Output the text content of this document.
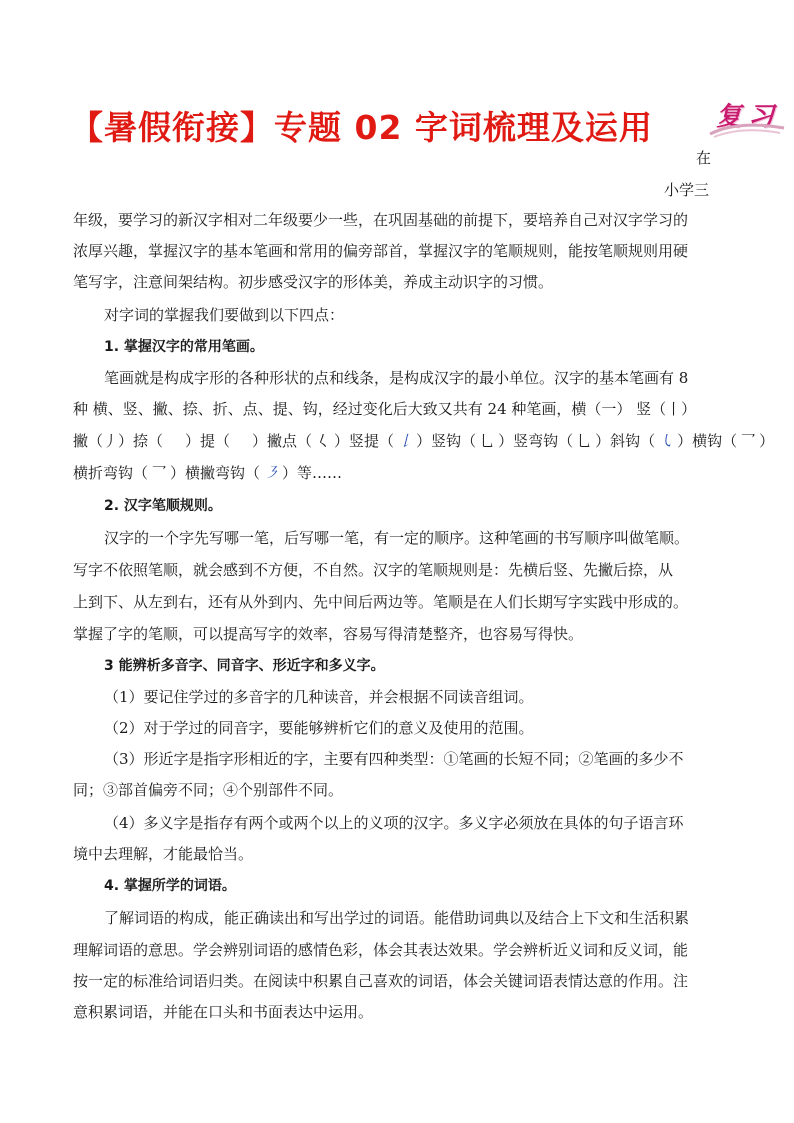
【暑假衔接】专题 02 字词梳理及运用 复 习
在
小学三
年级，要学习的新汉字相对二年级要少一些，在巩固基础的前提下，要培养自己对汉字学习的
浓厚兴趣，掌握汉字的基本笔画和常用的偏旁部首，掌握汉字的笔顺规则，能按笔顺规则用硬
笔写字，注意间架结构。初步感受汉字的形体美，养成主动识字的习惯。
对字词的掌握我们要做到以下四点：
1. 掌握汉字的常用笔画。
笔画就是构成字形的各种形状的点和线条，是构成汉字的最小单位。汉字的基本笔画有 8
种 横、竖、撇、捺、折、点、提、钩，经过变化后大致又共有 24 种笔画，横（一） 竖（丨）
撇（丿）捺（ ）提（ ）撇点（ 𡿨 ）竖提（ 𠄌 ）竖钩（ 乚 ）竖弯钩（ 乚 ）斜钩（ ㇂ ）横钩（ 乛 ）
横折弯钩（ 乛 ）横撇弯钩（ ㇋ ）等……
2. 汉字笔顺规则。
汉字的一个字先写哪一笔，后写哪一笔，有一定的顺序。这种笔画的书写顺序叫做笔顺。
写字不依照笔顺，就会感到不方便，不自然。汉字的笔顺规则是：先横后竖、先撇后捺，从
上到下、从左到右，还有从外到内、先中间后两边等。笔顺是在人们长期写字实践中形成的。
掌握了字的笔顺，可以提高写字的效率，容易写得清楚整齐，也容易写得快。
3 能辨析多音字、同音字、形近字和多义字。
（1）要记住学过的多音字的几种读音，并会根据不同读音组词。
（2）对于学过的同音字，要能够辨析它们的意义及使用的范围。
（3）形近字是指字形相近的字，主要有四种类型：①笔画的长短不同；②笔画的多少不
同；③部首偏旁不同；④个别部件不同。
（4）多义字是指存有两个或两个以上的义项的汉字。多义字必须放在具体的句子语言环
境中去理解，才能最恰当。
4. 掌握所学的词语。
了解词语的构成，能正确读出和写出学过的词语。能借助词典以及结合上下文和生活积累
理解词语的意思。学会辨别词语的感情色彩，体会其表达效果。学会辨析近义词和反义词，能
按一定的标准给词语归类。在阅读中积累自己喜欢的词语，体会关键词语表情达意的作用。注
意积累词语，并能在口头和书面表达中运用。
